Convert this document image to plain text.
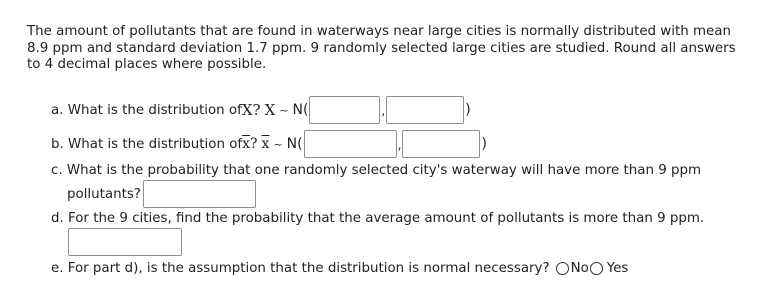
The amount of pollutants that are found in waterways near large cities is normally distributed with mean 8.9 ppm and standard deviation 1.7 ppm. 9 randomly selected large cities are studied. Round all answers to 4 decimal places where possible.
a. What is the distribution of X ? X ~ N(	,	)
b. What is the distribution of $\overline{x}$ ? $\overline{x}$ ~ N(	,	)
c. What is the probability that one randomly selected city's waterway will have more than 9 ppm
pollutants?
d. For the 9 cities, find the probability that the average amount of pollutants is more than 9 ppm.
e. For part d), is the assumption that the distribution is normal necessary? No Yes
